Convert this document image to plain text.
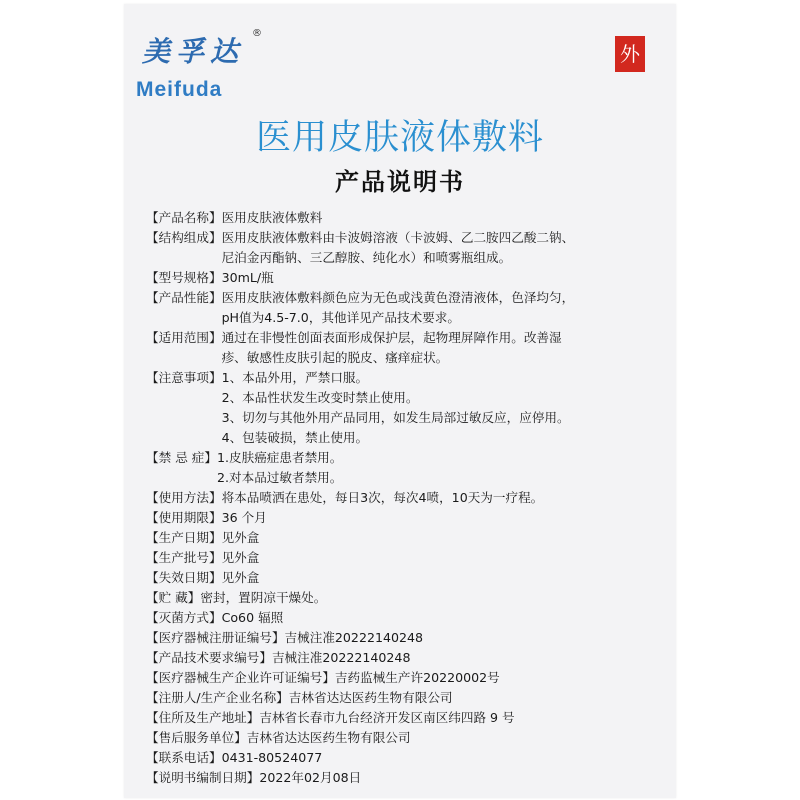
美孚达
®
Meifuda
外
医用皮肤液体敷料
产品说明书
【产品名称】 医用皮肤液体敷料
【结构组成】 医用皮肤液体敷料由卡波姆溶液（卡波姆、乙二胺四乙酸二钠、
尼泊金丙酯钠、三乙醇胺、纯化水）和喷雾瓶组成。
【型号规格】 30mL/瓶
【产品性能】 医用皮肤液体敷料颜色应为无色或浅黄色澄清液体，色泽均匀，
pH值为4.5-7.0，其他详见产品技术要求。
【适用范围】 通过在非慢性创面表面形成保护层，起物理屏障作用。改善湿
疹、敏感性皮肤引起的脱皮、瘙痒症状。
【注意事项】 1、本品外用，严禁口服。
2、本品性状发生改变时禁止使用。
3、切勿与其他外用产品同用，如发生局部过敏反应，应停用。
4、包装破损，禁止使用。
【禁 忌 症】 1.皮肤癌症患者禁用。
2.对本品过敏者禁用。
【使用方法】 将本品喷洒在患处，每日3次，每次4喷，10天为一疗程。
【使用期限】 36 个月
【生产日期】 见外盒
【生产批号】 见外盒
【失效日期】 见外盒
【贮 藏】 密封，置阴凉干燥处。
【灭菌方式】 Co60 辐照
【医疗器械注册证编号】 吉械注准20222140248
【产品技术要求编号】 吉械注准20222140248
【医疗器械生产企业许可证编号】 吉药监械生产许20220002号
【注册人/生产企业名称】 吉林省达达医药生物有限公司
【住所及生产地址】 吉林省长春市九台经济开发区南区纬四路 9 号
【售后服务单位】 吉林省达达医药生物有限公司
【联系电话】 0431-80524077
【说明书编制日期】 2022年02月08日
